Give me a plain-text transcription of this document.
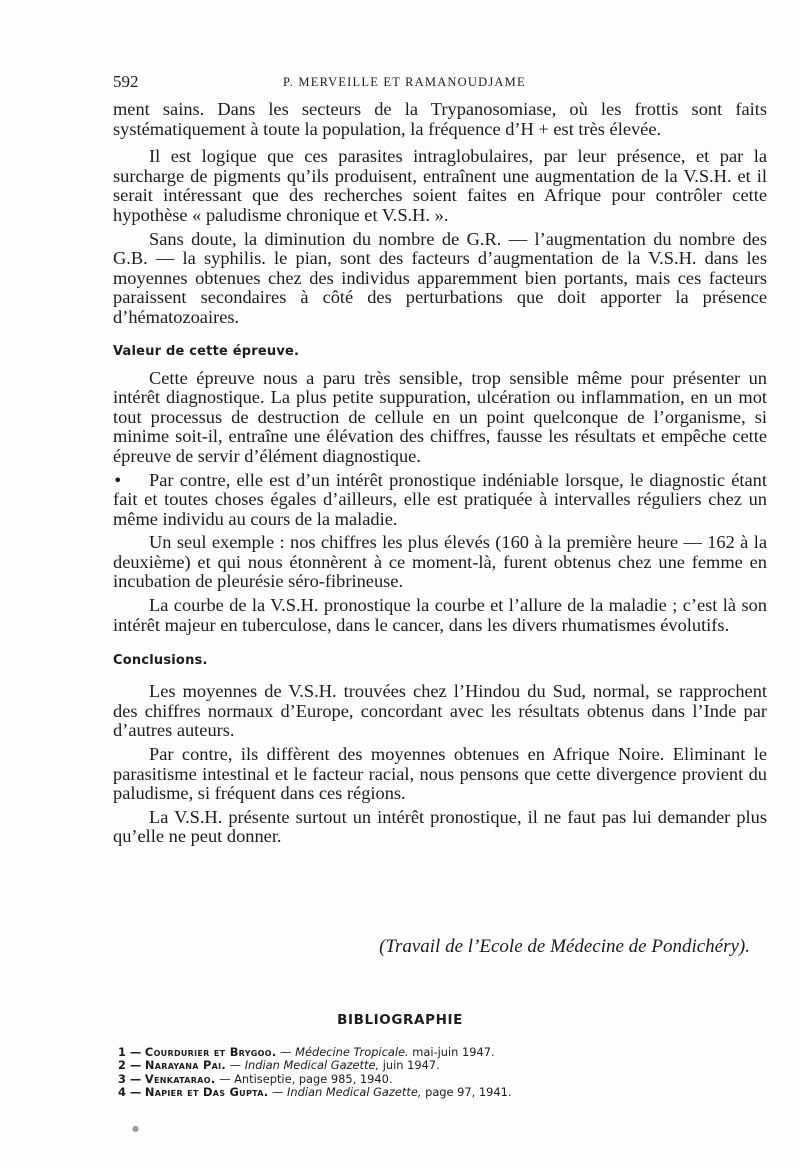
592	P. MERVEILLE ET RAMANOUDJAME

ment sains. Dans les secteurs de la Trypanosomiase, où les frottis sont faits systématiquement à toute la population, la fréquence d’H + est très élevée.

Il est logique que ces parasites intraglobulaires, par leur présence, et par la surcharge de pigments qu’ils produisent, entraînent une augmentation de la V.S.H. et il serait intéressant que des recherches soient faites en Afrique pour contrôler cette hypothèse « paludisme chronique et V.S.H. ».

Sans doute, la diminution du nombre de G.R. — l’augmentation du nombre des G.B. — la syphilis. le pian, sont des facteurs d’augmentation de la V.S.H. dans les moyennes obtenues chez des individus apparemment bien portants, mais ces facteurs paraissent secondaires à côté des perturbations que doit apporter la présence d’hématozoaires.

Valeur de cette épreuve.

Cette épreuve nous a paru très sensible, trop sensible même pour présenter un intérêt diagnostique. La plus petite suppuration, ulcération ou inflammation, en un mot tout processus de destruction de cellule en un point quelconque de l’organisme, si minime soit-il, entraîne une élévation des chiffres, fausse les résultats et empêche cette épreuve de servir d’élément diagnostique.

•	Par contre, elle est d’un intérêt pronostique indéniable lorsque, le diagnostic étant fait et toutes choses égales d’ailleurs, elle est pratiquée à intervalles réguliers chez un même individu au cours de la maladie.

Un seul exemple : nos chiffres les plus élevés (160 à la première heure — 162 à la deuxième) et qui nous étonnèrent à ce moment-là, furent obtenus chez une femme en incubation de pleurésie séro-fibrineuse.

La courbe de la V.S.H. pronostique la courbe et l’allure de la maladie ; c’est là son intérêt majeur en tuberculose, dans le cancer, dans les divers rhumatismes évolutifs.

Conclusions.

Les moyennes de V.S.H. trouvées chez l’Hindou du Sud, normal, se rapprochent des chiffres normaux d’Europe, concordant avec les résultats obtenus dans l’Inde par d’autres auteurs.

Par contre, ils diffèrent des moyennes obtenues en Afrique Noire. Eliminant le parasitisme intestinal et le facteur racial, nous pensons que cette divergence provient du paludisme, si fréquent dans ces régions.

La V.S.H. présente surtout un intérêt pronostique, il ne faut pas lui demander plus qu’elle ne peut donner.

(Travail de l’Ecole de Médecine de Pondichéry).
BIBLIOGRAPHIE
1 — Courdurier et Brygoo. — Médecine Tropicale. mai-juin 1947.
2 — Narayana Pai. — Indian Medical Gazette, juin 1947.
3 — Venkatarao. — Antiseptie, page 985, 1940.
4 — Napier et Das Gupta. — Indian Medical Gazette, page 97, 1941.
●
